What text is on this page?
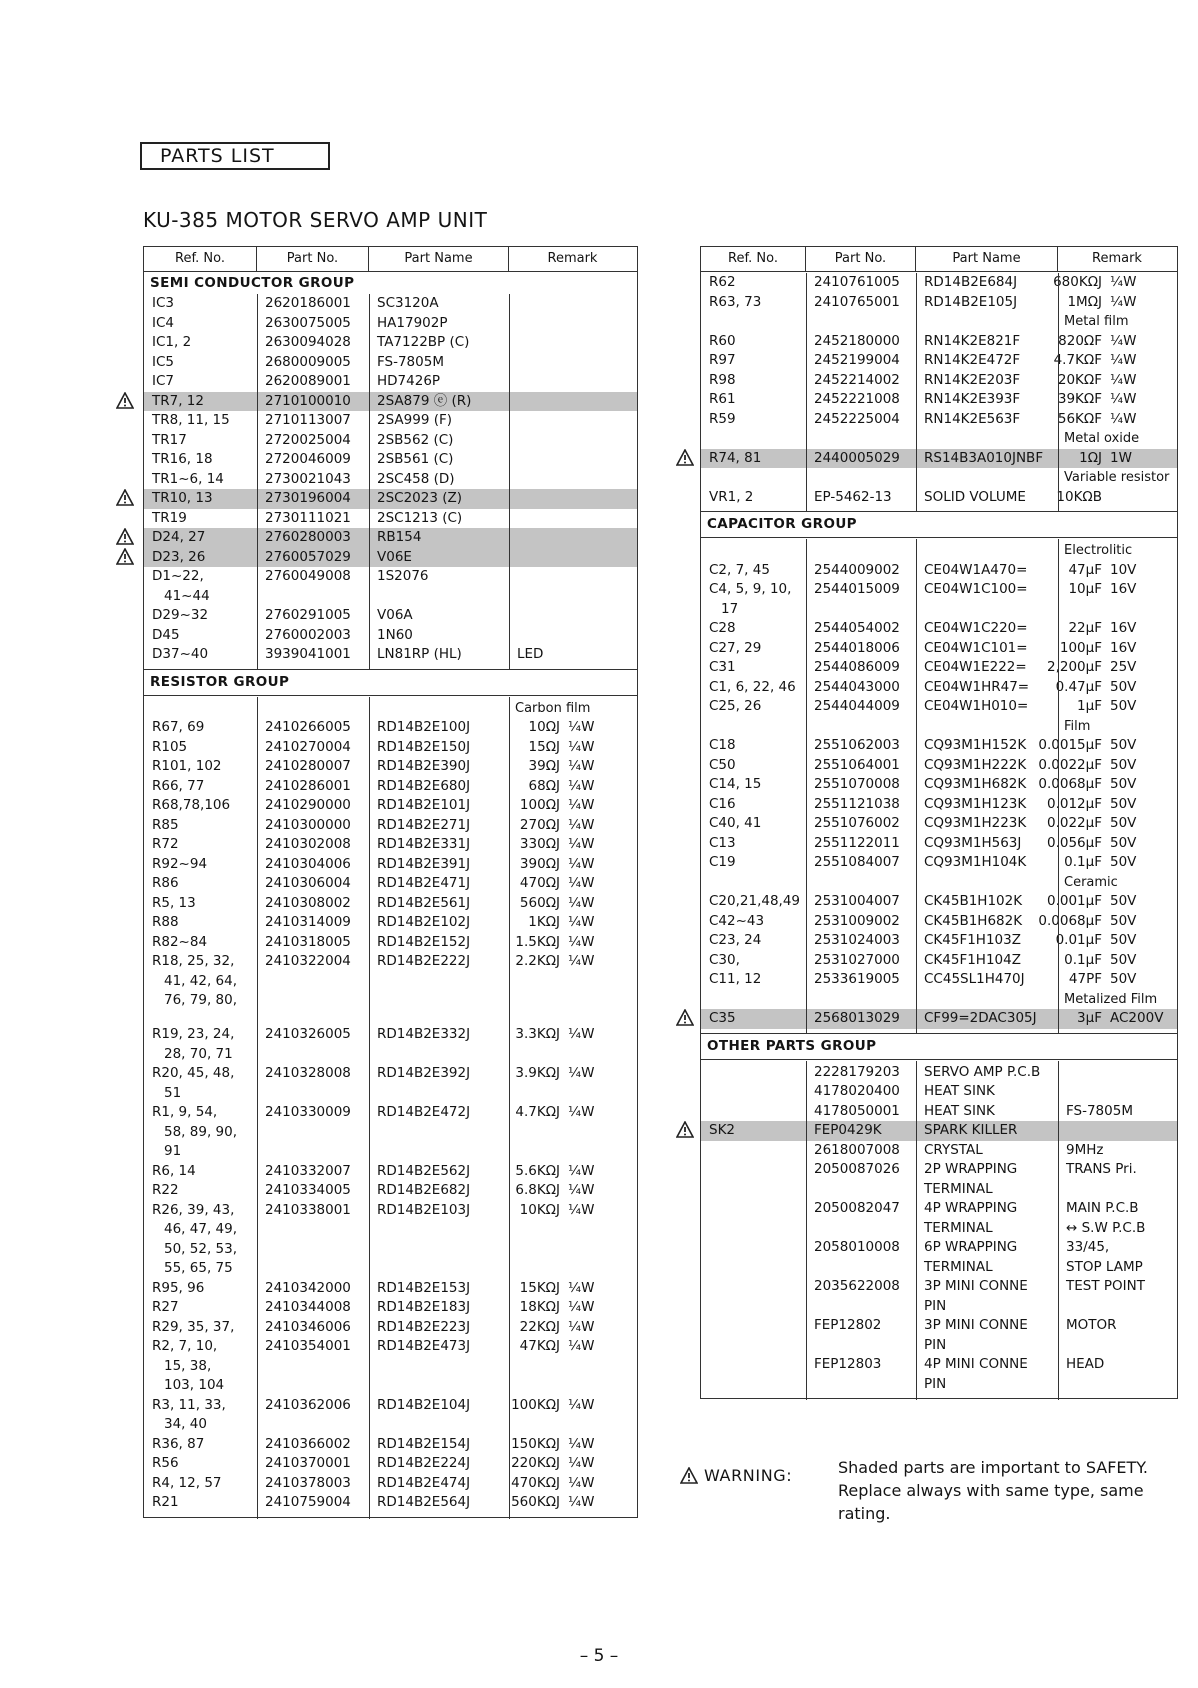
PARTS LIST
KU-385 MOTOR SERVO AMP UNIT
Ref. No.	Part No.	Part Name	Remark
SEMI CONDUCTOR GROUP
IC3	2620186001 SC3120A
IC4	2630075005 HA17902P
IC1, 2	2630094028 TA7122BP (C)
IC5	2680009005 FS-7805M
IC7	2620089001 HD7426P
TR7, 12	2710100010 2SA879 ⓔ (R)
TR8, 11, 15	2710113007 2SA999 (F)
TR17	2720025004 2SB562 (C)
TR16, 18	2720046009 2SB561 (C)
TR1~6, 14	2730021043 2SC458 (D)
TR10, 13	2730196004 2SC2023 (Z)
TR19	2730111021 2SC1213 (C)
D24, 27	2760280003 RB154
D23, 26	2760057029 V06E
D1~22,	2760049008 1S2076
41~44
D29~32	2760291005 V06A
D45	2760002003 1N60
D37~40	3939041001 LN81RP (HL)	LED
RESISTOR GROUP
Carbon film
R67, 69	2410266005 RD14B2E100J	10ΩJ ¼W
R105	2410270004 RD14B2E150J	15ΩJ ¼W
R101, 102	2410280007 RD14B2E390J	39ΩJ ¼W
R66, 77	2410286001 RD14B2E680J	68ΩJ ¼W
R68,78,106	2410290000 RD14B2E101J	100ΩJ ¼W
R85	2410300000 RD14B2E271J	270ΩJ ¼W
R72	2410302008 RD14B2E331J	330ΩJ ¼W
R92~94	2410304006 RD14B2E391J	390ΩJ ¼W
R86	2410306004 RD14B2E471J	470ΩJ ¼W
R5, 13	2410308002 RD14B2E561J	560ΩJ ¼W
R88	2410314009 RD14B2E102J	1KΩJ ¼W
R82~84	2410318005 RD14B2E152J	1.5KΩJ ¼W
R18, 25, 32, 2410322004 RD14B2E222J	2.2KΩJ ¼W
41, 42, 64,
76, 79, 80,
R19, 23, 24, 2410326005 RD14B2E332J	3.3KΩJ ¼W
28, 70, 71
R20, 45, 48, 2410328008 RD14B2E392J	3.9KΩJ ¼W
51
R1, 9, 54,	2410330009 RD14B2E472J	4.7KΩJ ¼W
58, 89, 90,
91
R6, 14	2410332007 RD14B2E562J	5.6KΩJ ¼W
R22	2410334005 RD14B2E682J	6.8KΩJ ¼W
R26, 39, 43, 2410338001 RD14B2E103J	10KΩJ ¼W
46, 47, 49,
50, 52, 53,
55, 65, 75
R95, 96	2410342000 RD14B2E153J	15KΩJ ¼W
R27	2410344008 RD14B2E183J	18KΩJ ¼W
R29, 35, 37, 2410346006 RD14B2E223J	22KΩJ ¼W
R2, 7, 10,	2410354001 RD14B2E473J	47KΩJ ¼W
15, 38,
103, 104
R3, 11, 33,	2410362006 RD14B2E104J	100KΩJ ¼W
34, 40
R36, 87	2410366002 RD14B2E154J	150KΩJ ¼W
R56	2410370001 RD14B2E224J	220KΩJ ¼W
R4, 12, 57	2410378003 RD14B2E474J	470KΩJ ¼W
R21	2410759004 RD14B2E564J	560KΩJ ¼W
Ref. No.	Part No.	Part Name	Remark
R62	2410761005 RD14B2E684J	680KΩJ ¼W
R63, 73	2410765001 RD14B2E105J	1MΩJ ¼W
Metal film
R60	2452180000 RN14K2E821F	820ΩF ¼W
R97	2452199004 RN14K2E472F 4.7KΩF ¼W
R98	2452214002 RN14K2E203F	20KΩF ¼W
R61	2452221008 RN14K2E393F	39KΩF ¼W
R59	2452225004 RN14K2E563F	56KΩF ¼W
Metal oxide
R74, 81	2440005029 RS14B3A010JNBF	1ΩJ 1W
Variable resistor
VR1, 2	EP-5462-13 SOLID VOLUME 10KΩB
CAPACITOR GROUP
Electrolitic
C2, 7, 45	2544009002 CE04W1A470=	47μF 10V
C4, 5, 9, 10, 2544015009 CE04W1C100=	10μF 16V
17
C28	2544054002 CE04W1C220=	22μF 16V
C27, 29	2544018006 CE04W1C101= 100μF 16V
C31	2544086009 CE04W1E222= 2,200μF 25V
C1, 6, 22, 46 2544043000 CE04W1HR47= 0.47μF 50V
C25, 26	2544044009 CE04W1H010=	1μF 50V
Film
C18	2551062003 CQ93M1H152K 0.0015μF 50V
C50	2551064001 CQ93M1H222K 0.0022μF 50V
C14, 15	2551070008 CQ93M1H682K 0.0068μF 50V
C16	2551121038 CQ93M1H123K 0.012μF 50V
C40, 41	2551076002 CQ93M1H223K 0.022μF 50V
C13	2551122011 CQ93M1H563J 0.056μF 50V
C19	2551084007 CQ93M1H104K	0.1μF 50V
Ceramic
C20,21,48,49 2531004007 CK45B1H102K 0.001μF 50V
C42~43	2531009002 CK45B1H682K 0.0068μF 50V
C23, 24	2531024003 CK45F1H103Z	0.01μF 50V
C30,	2531027000 CK45F1H104Z	0.1μF 50V
C11, 12	2533619005 CC45SL1H470J	47PF 50V
Metalized Film
C35	2568013029 CF99=2DAC305J	3μF AC200V
OTHER PARTS GROUP
2228179203 SERVO AMP P.C.B
4178020400 HEAT SINK
4178050001 HEAT SINK	FS-7805M
SK2	FEP0429K	SPARK KILLER
2618007008 CRYSTAL	9MHz
2050087026 2P WRAPPING	TRANS Pri.
TERMINAL
2050082047 4P WRAPPING	MAIN P.C.B
TERMINAL	↔ S.W P.C.B
2058010008 6P WRAPPING	33/45,
TERMINAL	STOP LAMP
2035622008 3P MINI CONNE	TEST POINT
PIN
FEP12802	3P MINI CONNE	MOTOR
PIN
FEP12803	4P MINI CONNE	HEAD
PIN
WARNING:	Shaded parts are important to SAFETY. Replace always with same type, same rating.
– 5 –
